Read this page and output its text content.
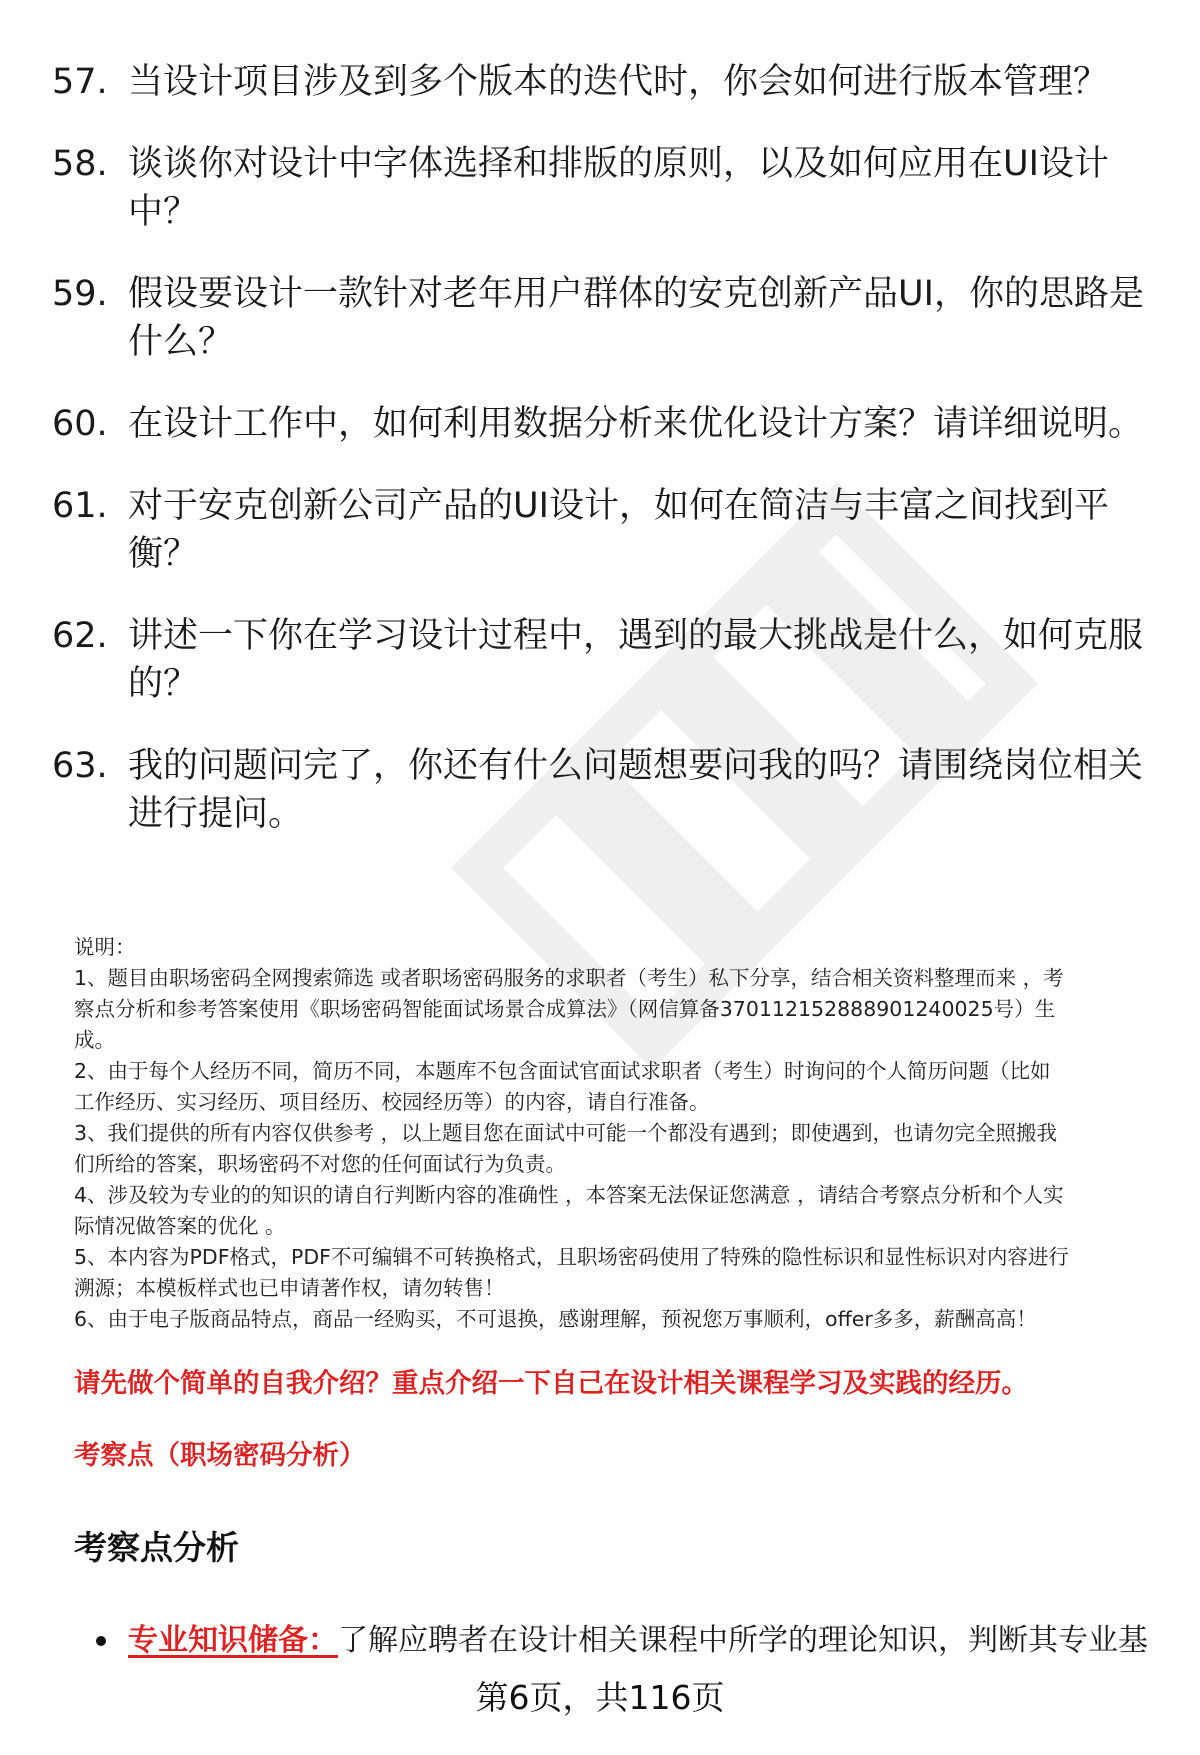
57. 当设计项目涉及到多个版本的迭代时，你会如何进行版本管理？
58. 谈谈你对设计中字体选择和排版的原则，以及如何应用在UI设计中？
59. 假设要设计一款针对老年用户群体的安克创新产品UI，你的思路是什么？
60. 在设计工作中，如何利用数据分析来优化设计方案？请详细说明。
61. 对于安克创新公司产品的UI设计，如何在简洁与丰富之间找到平衡？
62. 讲述一下你在学习设计过程中，遇到的最大挑战是什么，如何克服的？
63. 我的问题问完了，你还有什么问题想要问我的吗？请围绕岗位相关进行提问。
说明：
1、题目由职场密码全网搜索筛选 或者职场密码服务的求职者（考生）私下分享，结合相关资料整理而来 ，考
察点分析和参考答案使用《职场密码智能面试场景合成算法》（网信算备370112152888901240025号）生
成。
2、由于每个人经历不同，简历不同，本题库不包含面试官面试求职者（考生）时询问的个人简历问题（比如
工作经历、实习经历、项目经历、校园经历等）的内容，请自行准备。
3、我们提供的所有内容仅供参考 ，以上题目您在面试中可能一个都没有遇到；即使遇到，也请勿完全照搬我
们所给的答案，职场密码不对您的任何面试行为负责。
4、涉及较为专业的的知识的请自行判断内容的准确性 ，本答案无法保证您满意 ，请结合考察点分析和个人实
际情况做答案的优化 。
5、本内容为PDF格式，PDF不可编辑不可转换格式，且职场密码使用了特殊的隐性标识和显性标识对内容进行
溯源；本模板样式也已申请著作权，请勿转售！
6、由于电子版商品特点，商品一经购买，不可退换，感谢理解，预祝您万事顺利，offer多多，薪酬高高！
请先做个简单的自我介绍？重点介绍一下自己在设计相关课程学习及实践的经历。
考察点（职场密码分析）
考察点分析
专业知识储备： 了解应聘者在设计相关课程中所学的理论知识，判断其专业基
第6页，共116页
